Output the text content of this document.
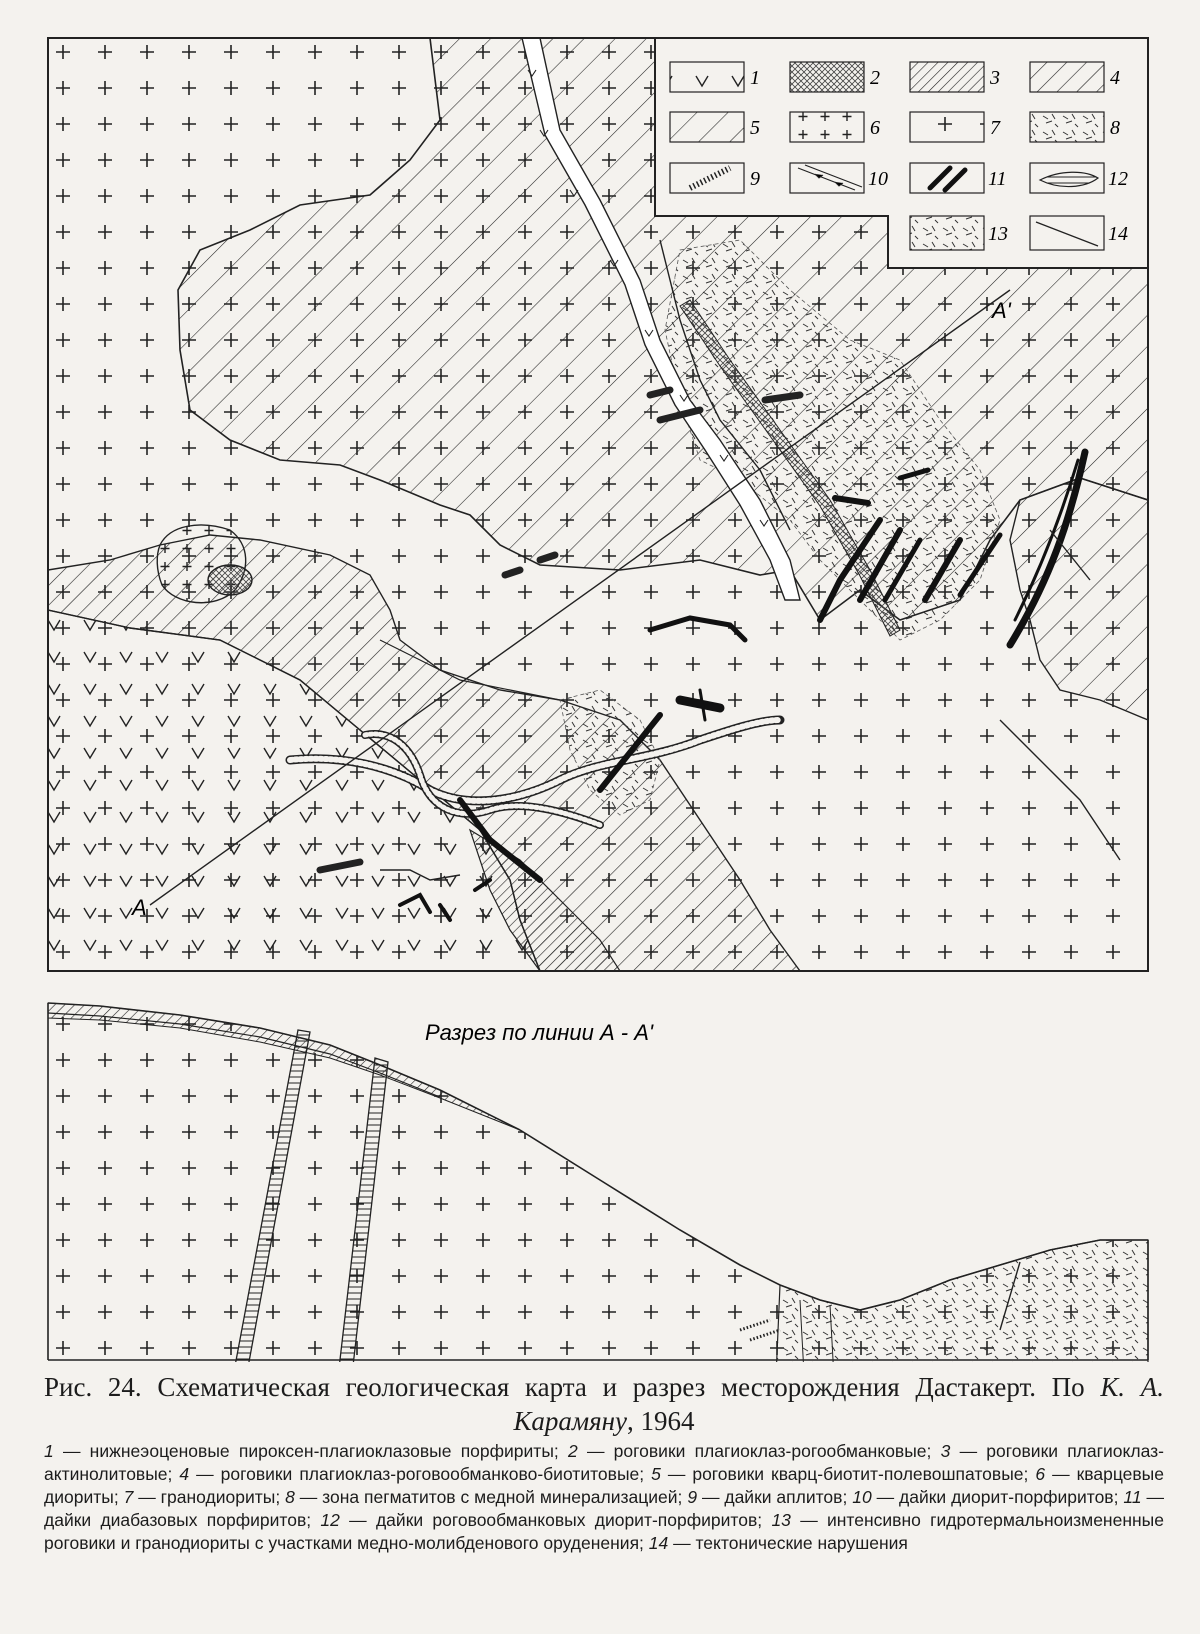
А
А'
1	2	3	4
5	6	7	8
9	10	11	12
13	14
Разрез по линии А - А'
Рис. 24. Схематическая геологическая карта и разрез месторождения Дастакерт. По К. А. Карамяну, 1964
1 — нижнеэоценовые пироксен-плагиоклазовые порфириты; 2 — роговики плагиоклаз-рогообманковые; 3 — роговики плагиоклаз-актинолитовые; 4 — роговики плагиоклаз-роговообманково-биотитовые; 5 — роговики кварц-биотит-полевошпатовые; 6 — кварцевые диориты; 7 — гранодиориты; 8 — зона пегматитов с медной минерализацией; 9 — дайки аплитов; 10 — дайки диорит-порфиритов; 11 — дайки диабазовых порфиритов; 12 — дайки роговообманковых диорит-порфиритов; 13 — интенсивно гидротермальноизмененные роговики и гранодиориты с участками медно-молибденового оруденения; 14 — тектонические нарушения
